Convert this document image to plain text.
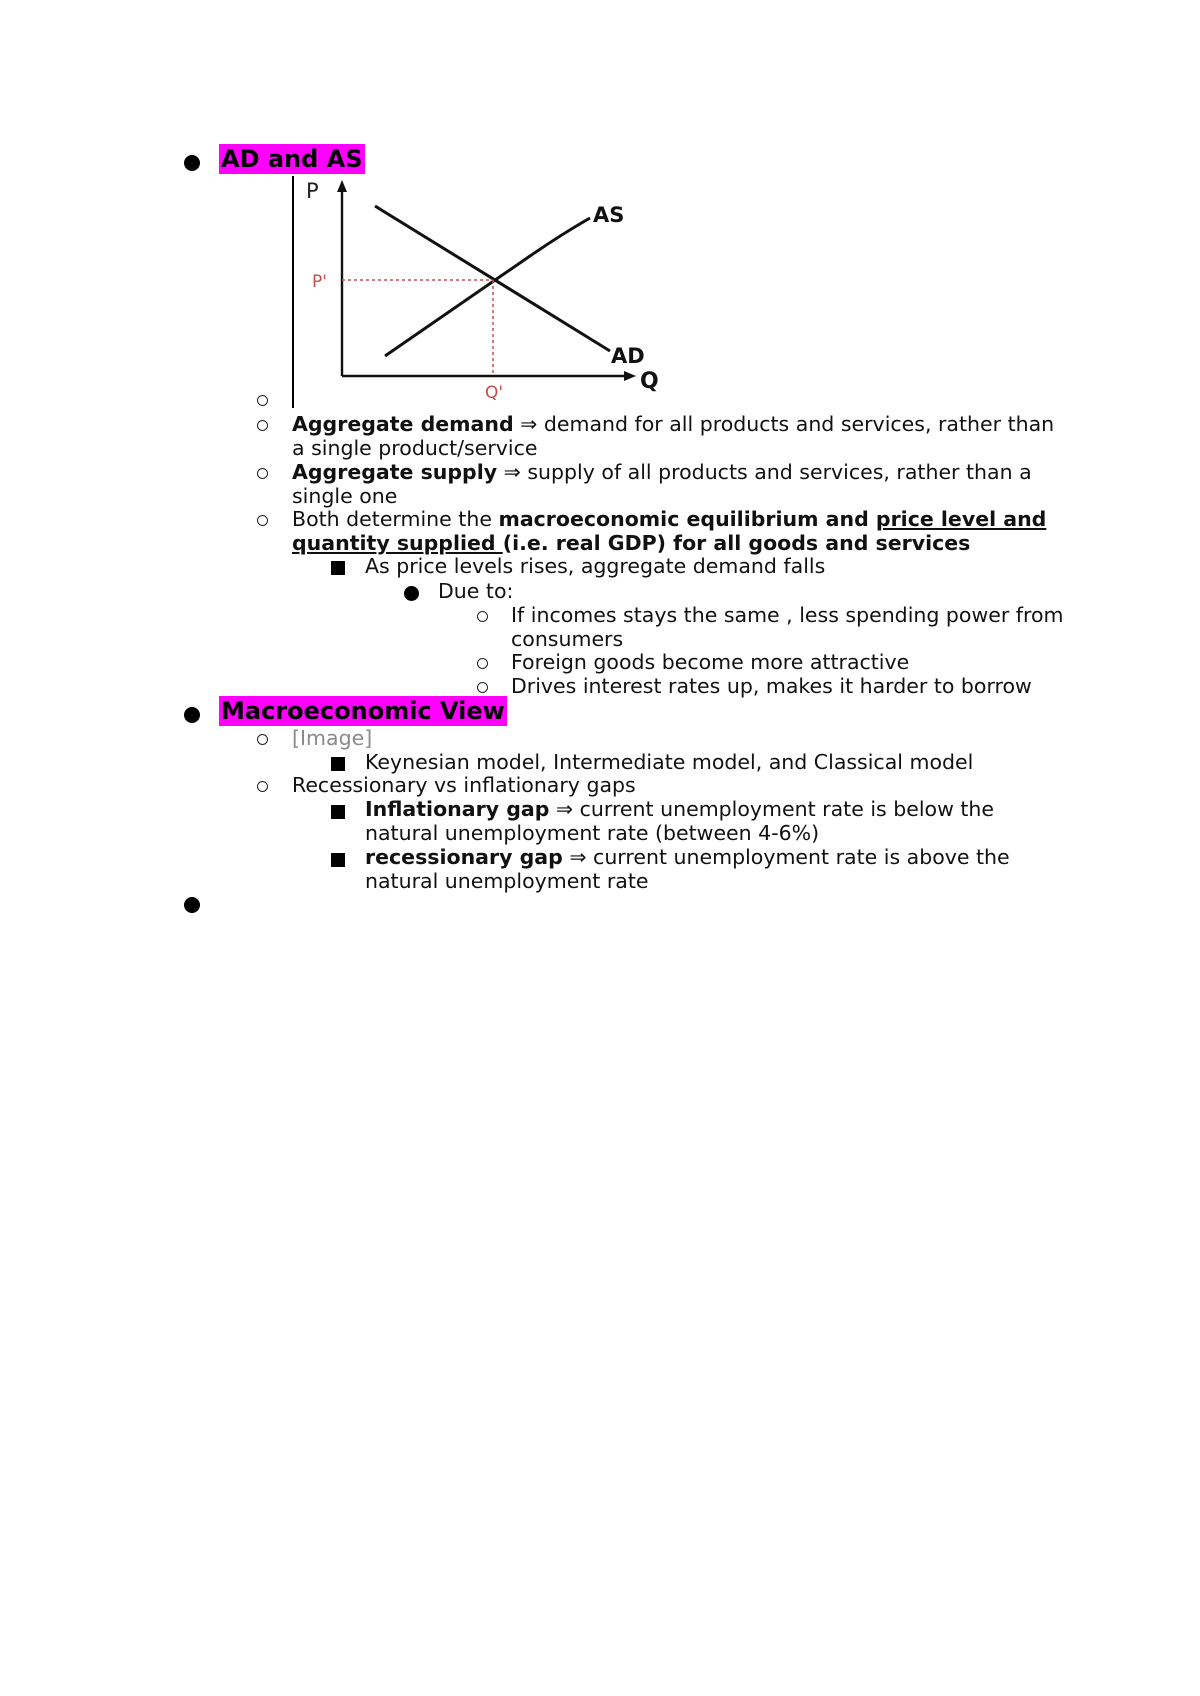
AD and AS
P
Q
AS
AD
P'
Q'
Aggregate demand ⇒ demand for all products and services, rather than
a single product/service
Aggregate supply ⇒ supply of all products and services, rather than a
single one
Both determine the macroeconomic equilibrium and price level and
quantity supplied (i.e. real GDP) for all goods and services
As price levels rises, aggregate demand falls
Due to:
If incomes stays the same , less spending power from
consumers
Foreign goods become more attractive
Drives interest rates up, makes it harder to borrow
Macroeconomic View
[Image]
Keynesian model, Intermediate model, and Classical model
Recessionary vs inflationary gaps
Inflationary gap ⇒ current unemployment rate is below the
natural unemployment rate (between 4-6%)
recessionary gap ⇒ current unemployment rate is above the
natural unemployment rate
